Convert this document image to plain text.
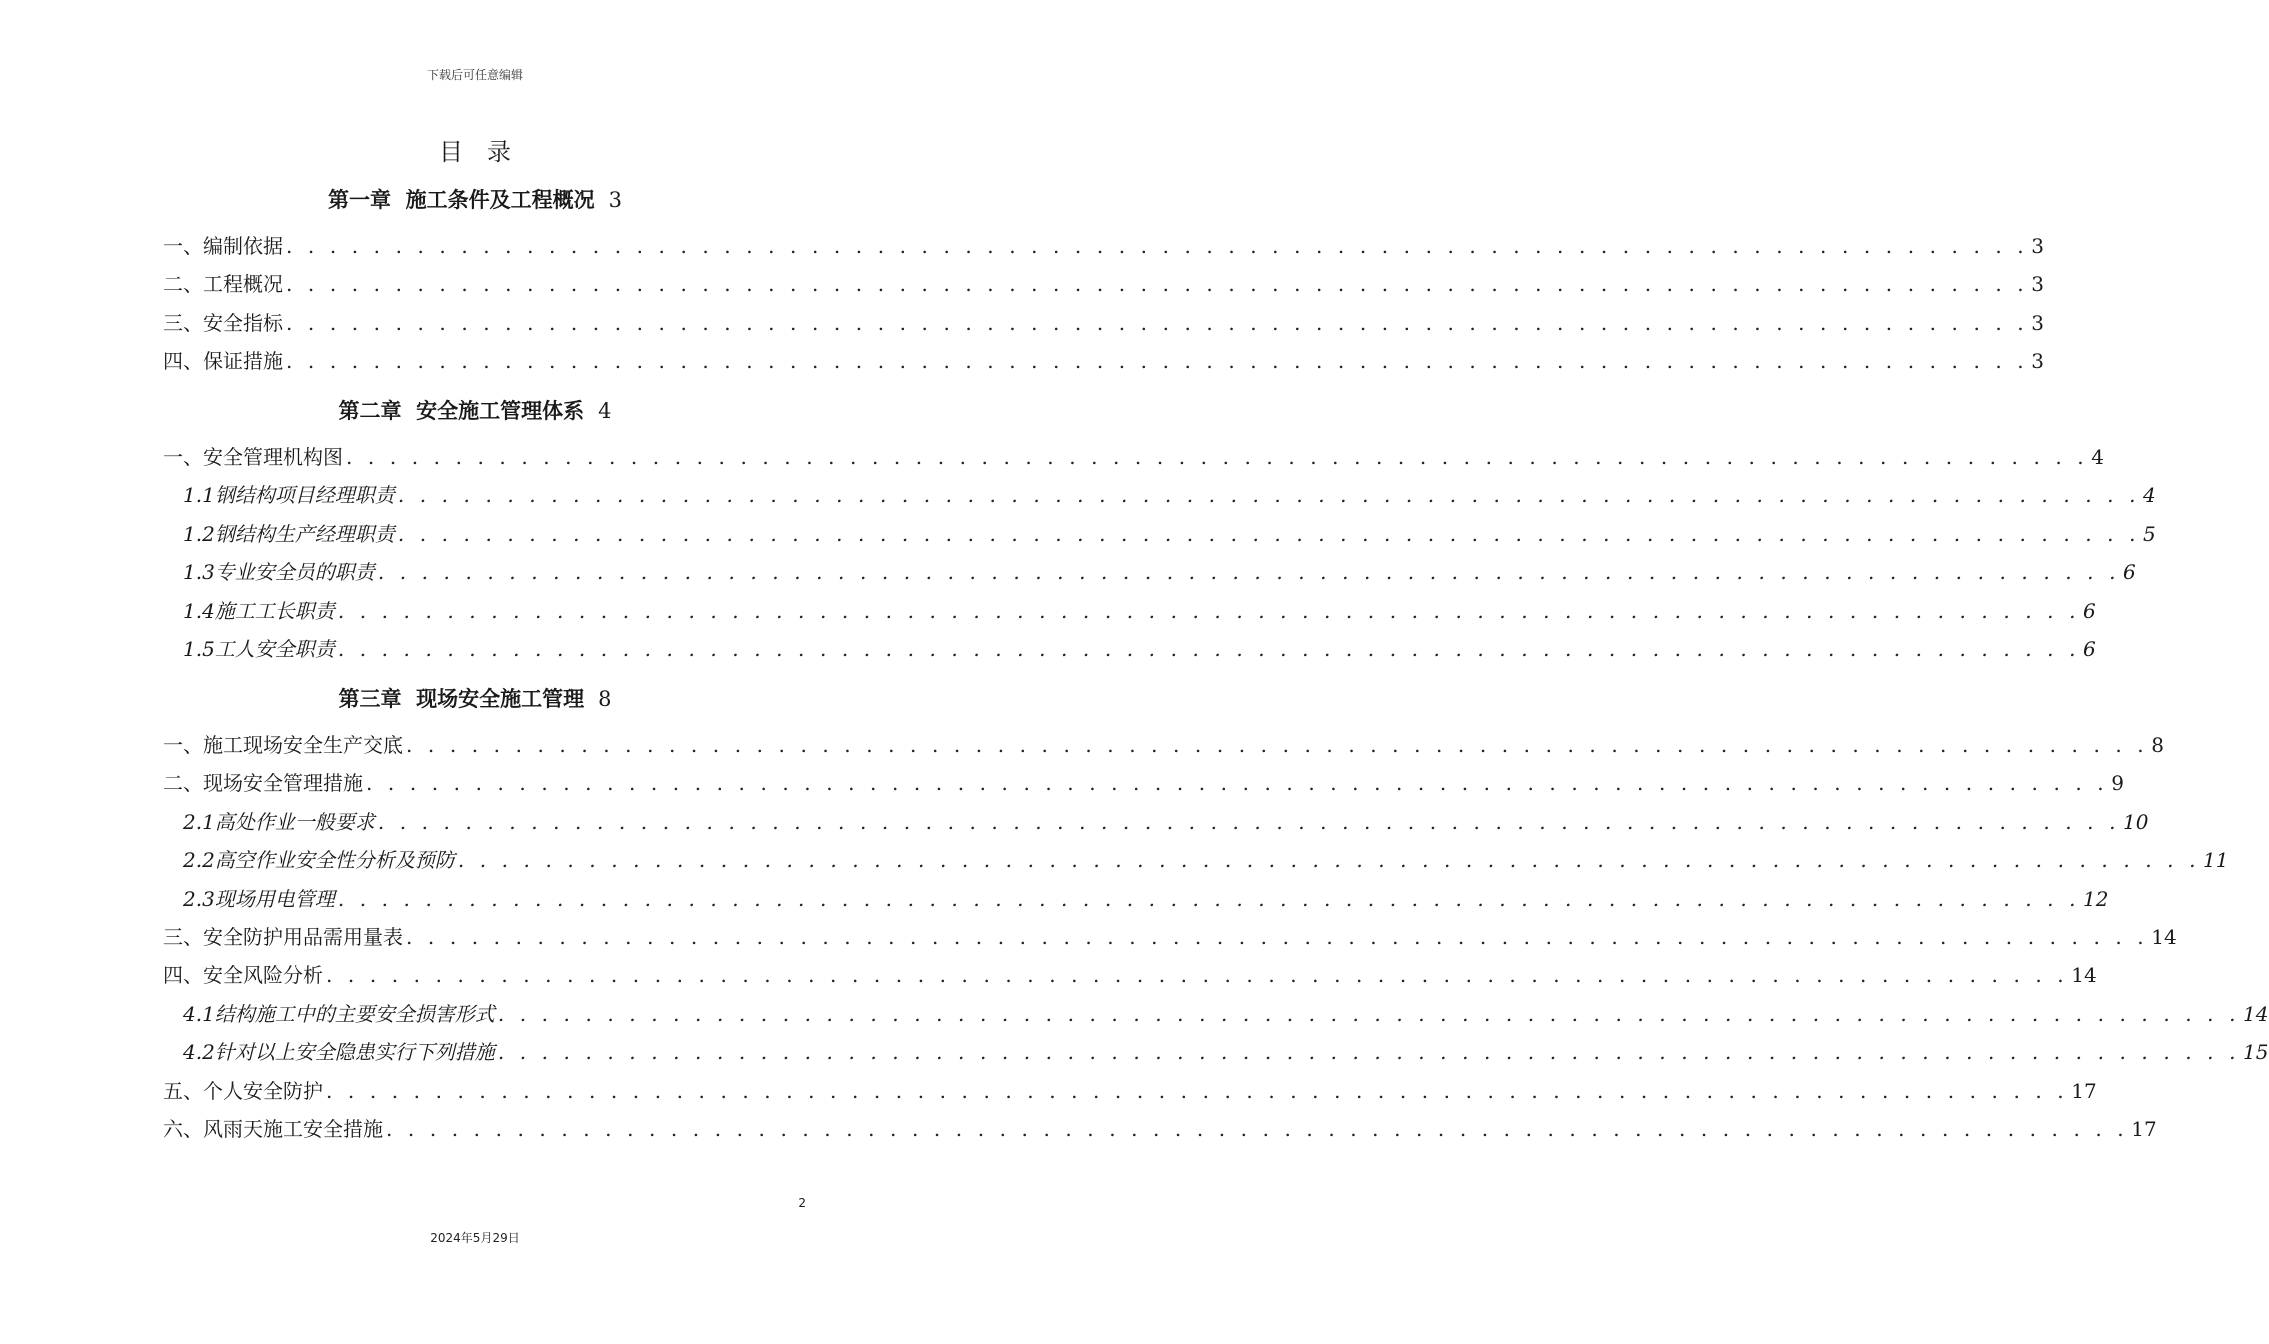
下载后可任意编辑
目录
第一章  施工条件及工程概况 3
一、编制依据 . . . . . . . . . . . . . . . . . . . . . . . . . . . . . . . . . . . . . . . . . . . . . . . . . . . . . . . . . . . . . . . . . . . . . . . . . . . . . . . . 3
二、工程概况 . . . . . . . . . . . . . . . . . . . . . . . . . . . . . . . . . . . . . . . . . . . . . . . . . . . . . . . . . . . . . . . . . . . . . . . . . . . . . . . . 3
三、安全指标 . . . . . . . . . . . . . . . . . . . . . . . . . . . . . . . . . . . . . . . . . . . . . . . . . . . . . . . . . . . . . . . . . . . . . . . . . . . . . . . . 3
四、保证措施 . . . . . . . . . . . . . . . . . . . . . . . . . . . . . . . . . . . . . . . . . . . . . . . . . . . . . . . . . . . . . . . . . . . . . . . . . . . . . . . . 3
第二章  安全施工管理体系 4
一、安全管理机构图 . . . . . . . . . . . . . . . . . . . . . . . . . . . . . . . . . . . . . . . . . . . . . . . . . . . . . . . . . . . . . . . . . . . . . . . . . . . . . . . . 4
1.1钢结构项目经理职责 . . . . . . . . . . . . . . . . . . . . . . . . . . . . . . . . . . . . . . . . . . . . . . . . . . . . . . . . . . . . . . . . . . . . . . . . . . . . . . . . 4
1.2钢结构生产经理职责 . . . . . . . . . . . . . . . . . . . . . . . . . . . . . . . . . . . . . . . . . . . . . . . . . . . . . . . . . . . . . . . . . . . . . . . . . . . . . . . . 5
1.3专业安全员的职责 . . . . . . . . . . . . . . . . . . . . . . . . . . . . . . . . . . . . . . . . . . . . . . . . . . . . . . . . . . . . . . . . . . . . . . . . . . . . . . . . 6
1.4施工工长职责 . . . . . . . . . . . . . . . . . . . . . . . . . . . . . . . . . . . . . . . . . . . . . . . . . . . . . . . . . . . . . . . . . . . . . . . . . . . . . . . . 6
1.5工人安全职责 . . . . . . . . . . . . . . . . . . . . . . . . . . . . . . . . . . . . . . . . . . . . . . . . . . . . . . . . . . . . . . . . . . . . . . . . . . . . . . . . 6
第三章  现场安全施工管理 8
一、施工现场安全生产交底 . . . . . . . . . . . . . . . . . . . . . . . . . . . . . . . . . . . . . . . . . . . . . . . . . . . . . . . . . . . . . . . . . . . . . . . . . . . . . . . . 8
二、现场安全管理措施 . . . . . . . . . . . . . . . . . . . . . . . . . . . . . . . . . . . . . . . . . . . . . . . . . . . . . . . . . . . . . . . . . . . . . . . . . . . . . . . . 9
2.1高处作业一般要求 . . . . . . . . . . . . . . . . . . . . . . . . . . . . . . . . . . . . . . . . . . . . . . . . . . . . . . . . . . . . . . . . . . . . . . . . . . . . . . . . 10
2.2高空作业安全性分析及预防 . . . . . . . . . . . . . . . . . . . . . . . . . . . . . . . . . . . . . . . . . . . . . . . . . . . . . . . . . . . . . . . . . . . . . . . . . . . . . . . . 11
2.3现场用电管理 . . . . . . . . . . . . . . . . . . . . . . . . . . . . . . . . . . . . . . . . . . . . . . . . . . . . . . . . . . . . . . . . . . . . . . . . . . . . . . . . 12
三、安全防护用品需用量表 . . . . . . . . . . . . . . . . . . . . . . . . . . . . . . . . . . . . . . . . . . . . . . . . . . . . . . . . . . . . . . . . . . . . . . . . . . . . . . . . 14
四、安全风险分析 . . . . . . . . . . . . . . . . . . . . . . . . . . . . . . . . . . . . . . . . . . . . . . . . . . . . . . . . . . . . . . . . . . . . . . . . . . . . . . . . 14
4.1结构施工中的主要安全损害形式 . . . . . . . . . . . . . . . . . . . . . . . . . . . . . . . . . . . . . . . . . . . . . . . . . . . . . . . . . . . . . . . . . . . . . . . . . . . . . . . . 14
4.2针对以上安全隐患实行下列措施 . . . . . . . . . . . . . . . . . . . . . . . . . . . . . . . . . . . . . . . . . . . . . . . . . . . . . . . . . . . . . . . . . . . . . . . . . . . . . . . . 15
五、个人安全防护 . . . . . . . . . . . . . . . . . . . . . . . . . . . . . . . . . . . . . . . . . . . . . . . . . . . . . . . . . . . . . . . . . . . . . . . . . . . . . . . . 17
六、风雨天施工安全措施 . . . . . . . . . . . . . . . . . . . . . . . . . . . . . . . . . . . . . . . . . . . . . . . . . . . . . . . . . . . . . . . . . . . . . . . . . . . . . . . . 17
2
2024年5月29日
